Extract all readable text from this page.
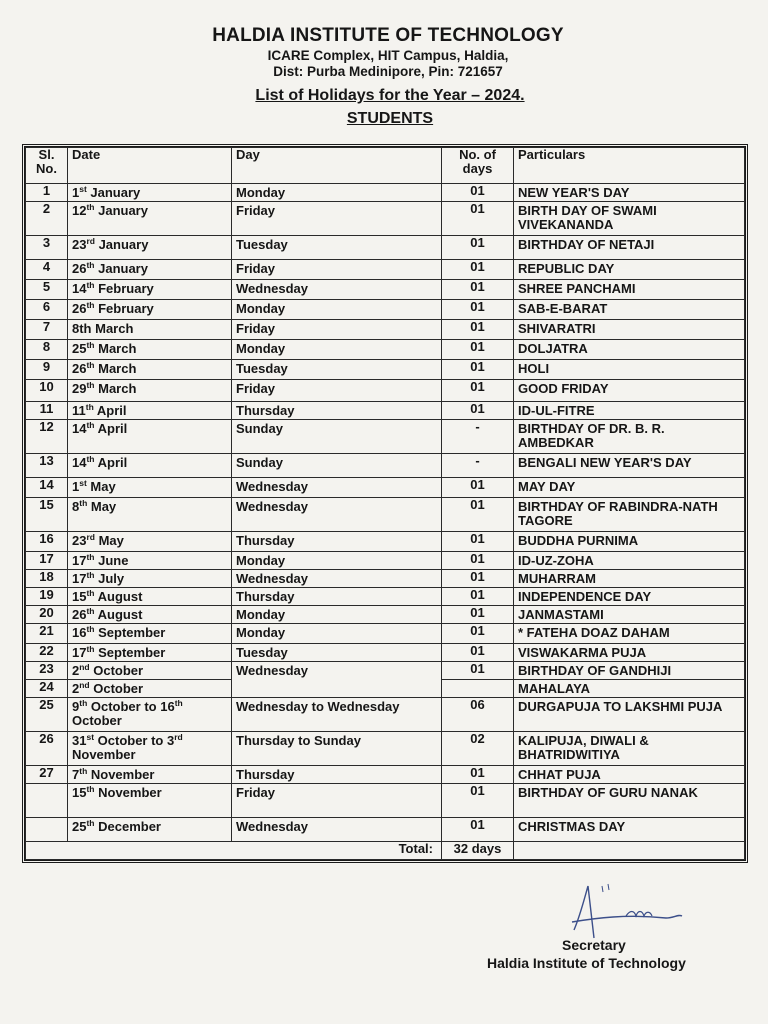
HALDIA INSTITUTE OF TECHNOLOGY
ICARE Complex, HIT Campus, Haldia,
Dist: Purba Medinipore, Pin: 721657
List of Holidays for the Year – 2024.
STUDENTS
Sl. No.	Date	Day	No. of days	Particulars
1	1st January	Monday	01	NEW YEAR'S DAY
2	12th January	Friday	01	BIRTH DAY OF SWAMI VIVEKANANDA
3	23rd January	Tuesday	01	BIRTHDAY OF NETAJI
4	26th January	Friday	01	REPUBLIC DAY
5	14th February	Wednesday	01	SHREE PANCHAMI
6	26th February	Monday	01	SAB-E-BARAT
7	8th March	Friday	01	SHIVARATRI
8	25th March	Monday	01	DOLJATRA
9	26th March	Tuesday	01	HOLI
10	29th March	Friday	01	GOOD FRIDAY
11	11th April	Thursday	01	ID-UL-FITRE
12	14th April	Sunday	-	BIRTHDAY OF DR. B. R. AMBEDKAR
13	14th April	Sunday	-	BENGALI NEW YEAR'S DAY
14	1st May	Wednesday	01	MAY DAY
15	8th May	Wednesday	01	BIRTHDAY OF RABINDRA-NATH TAGORE
16	23rd May	Thursday	01	BUDDHA PURNIMA
17	17th June	Monday	01	ID-UZ-ZOHA
18	17th July	Wednesday	01	MUHARRAM
19	15th August	Thursday	01	INDEPENDENCE DAY
20	26th August	Monday	01	JANMASTAMI
21	16th September	Monday	01	* FATEHA DOAZ DAHAM
22	17th September	Tuesday	01	VISWAKARMA PUJA
23	2nd October	Wednesday	01	BIRTHDAY OF GANDHIJI
24	2nd October			MAHALAYA
25	9th October to 16th October	Wednesday to Wednesday	06	DURGAPUJA TO LAKSHMI PUJA
26	31st October to 3rd November	Thursday to Sunday	02	KALIPUJA, DIWALI & BHATRIDWITIYA
27	7th November	Thursday	01	CHHAT PUJA
	15th November	Friday	01	BIRTHDAY OF GURU NANAK
	25th December	Wednesday	01	CHRISTMAS DAY
		Total:	32 days	
Secretary
Haldia Institute of Technology
